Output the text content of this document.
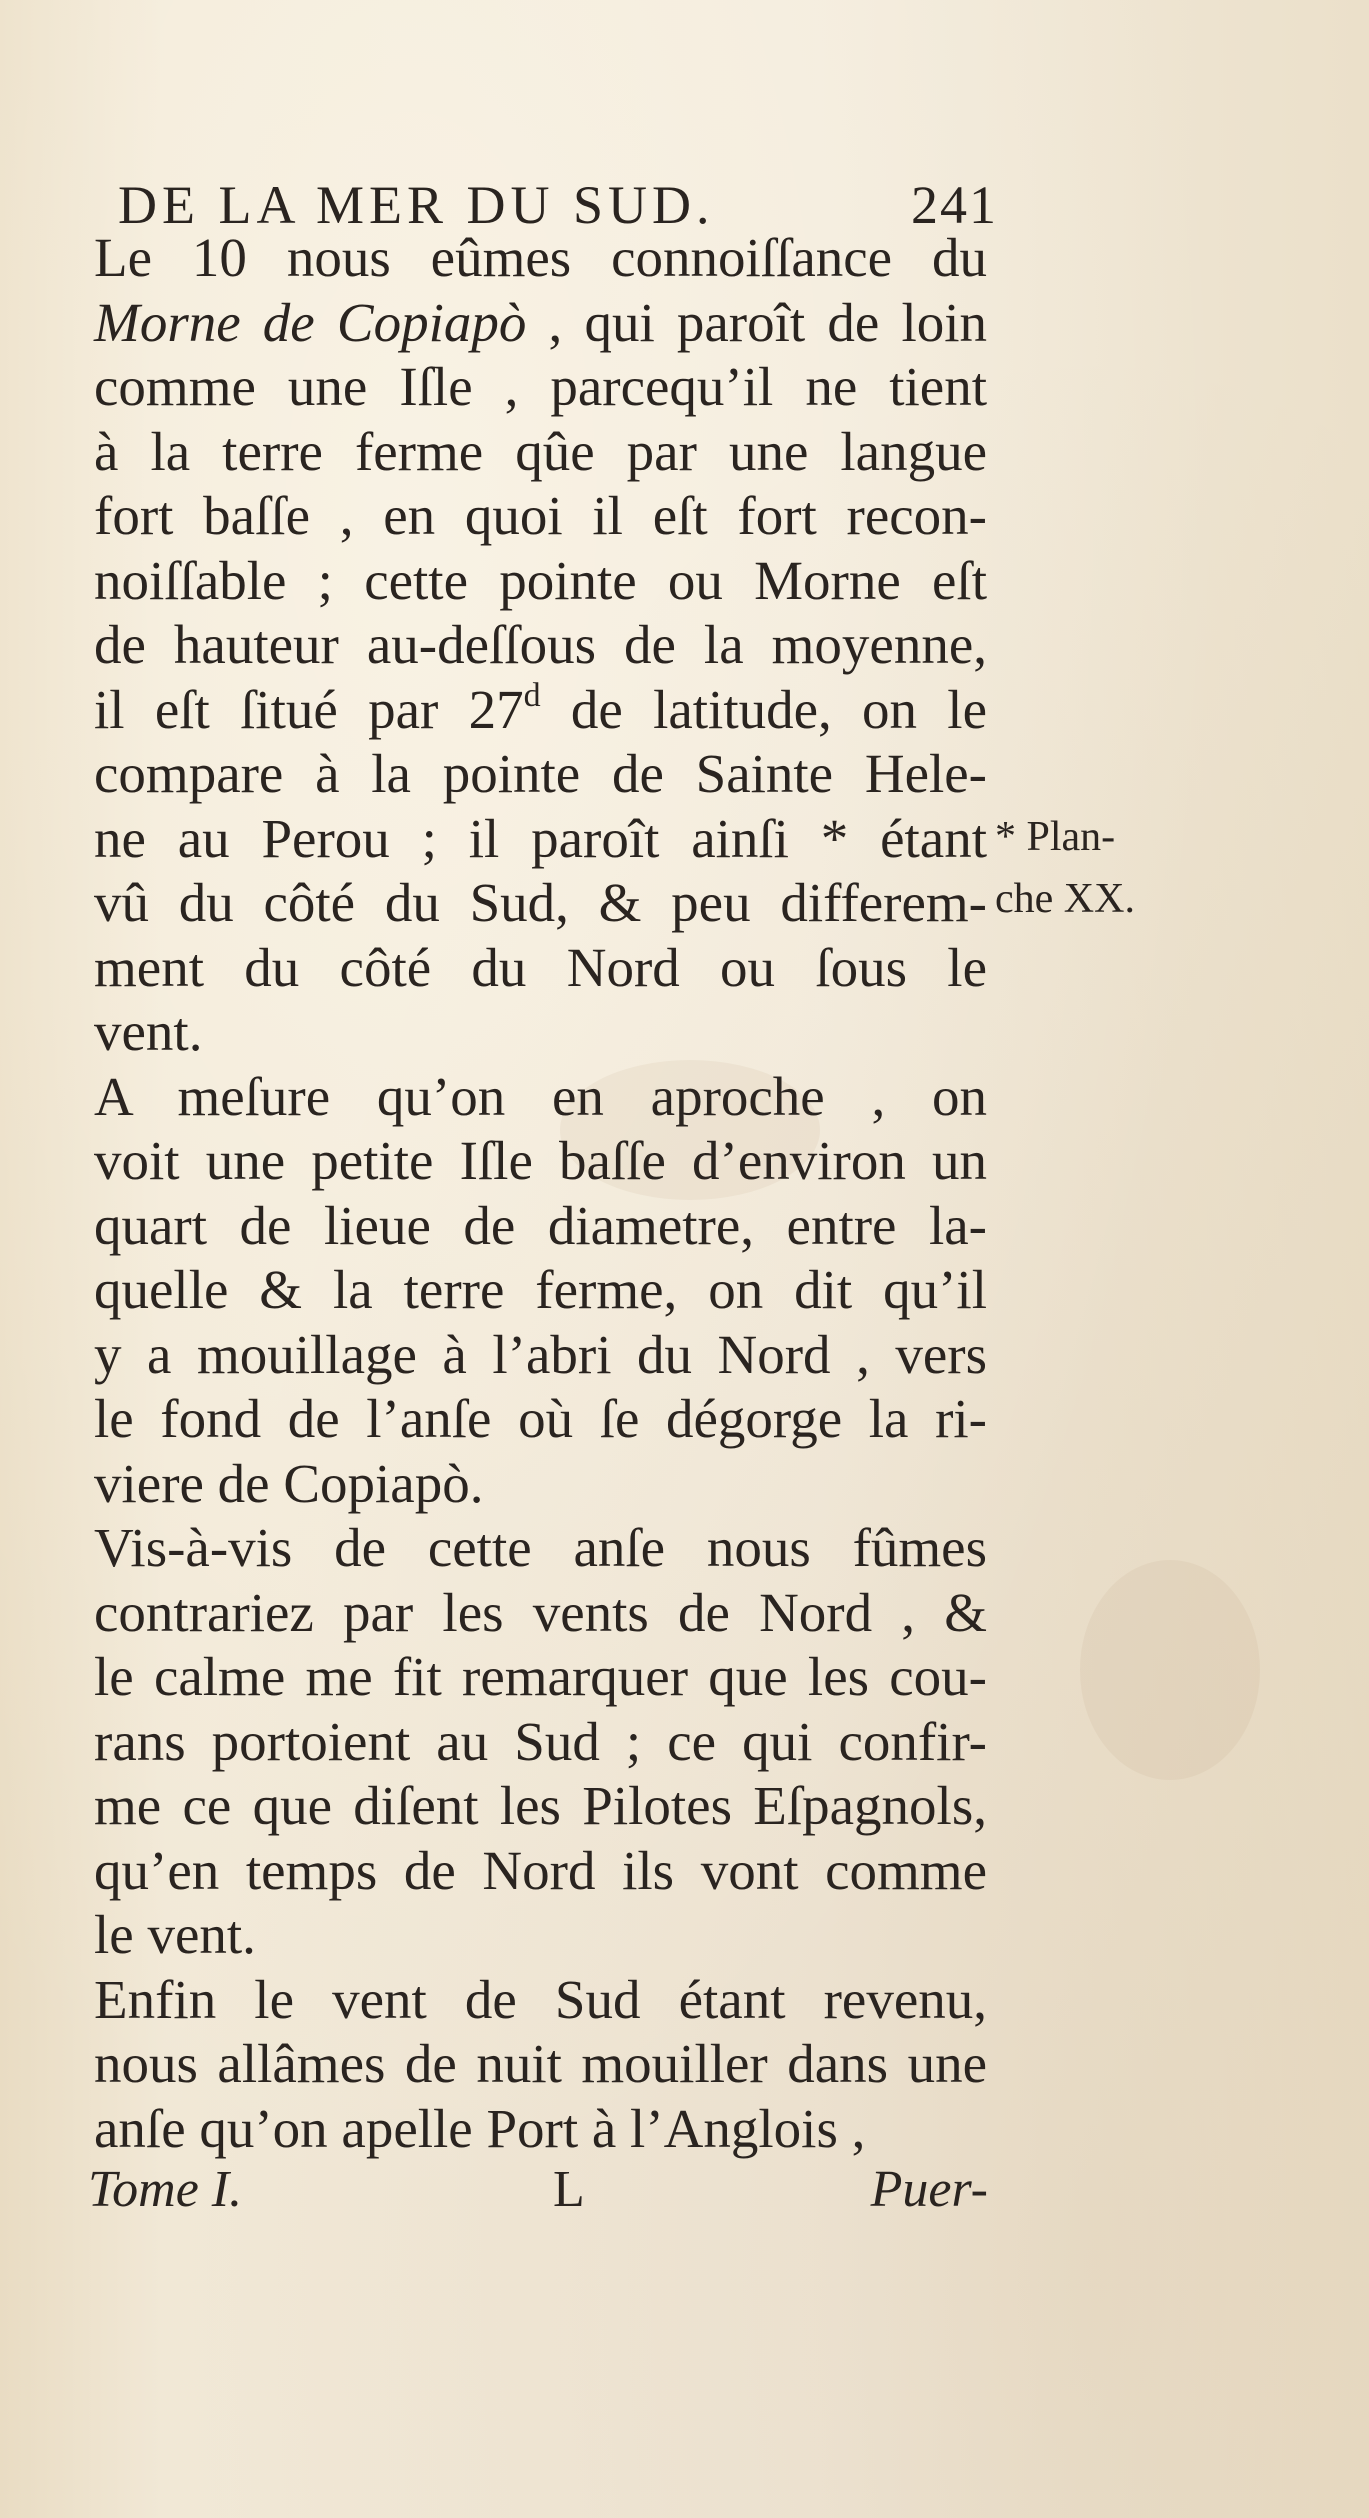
DE LA MER DU SUD.	241

Le 10 nous eûmes connoiſſance du
Morne de Copiapò , qui paroît de loin
comme une Iſle , parcequ’il ne tient
à la terre ferme qûe par une langue
fort baſſe , en quoi il eſt fort recon-
noiſſable ; cette pointe ou Morne eſt
de hauteur au-deſſous de la moyenne,
il eſt ſitué par 27$^d$ de latitude, on le
compare à la pointe de Sainte Hele-
ne au Perou ; il paroît ainſi * étant
vû du côté du Sud, & peu differem-
ment du côté du Nord ou ſous le
vent.

A meſure qu’on en aproche , on
voit une petite Iſle baſſe d’environ un
quart de lieue de diametre, entre la-
quelle & la terre ferme, on dit qu’il
y a mouillage à l’abri du Nord , vers
le fond de l’anſe où ſe dégorge la ri-
viere de Copiapò.

Vis-à-vis de cette anſe nous fûmes
contrariez par les vents de Nord , &
le calme me fit remarquer que les cou-
rans portoient au Sud ; ce qui confir-
me ce que diſent les Pilotes Eſpagnols,
qu’en temps de Nord ils vont comme
le vent.

Enfin le vent de Sud étant revenu,
nous allâmes de nuit mouiller dans une
anſe qu’on apelle Port à l’Anglois ,

* Plan-
che XX.
Tome I.	L	Puer-
